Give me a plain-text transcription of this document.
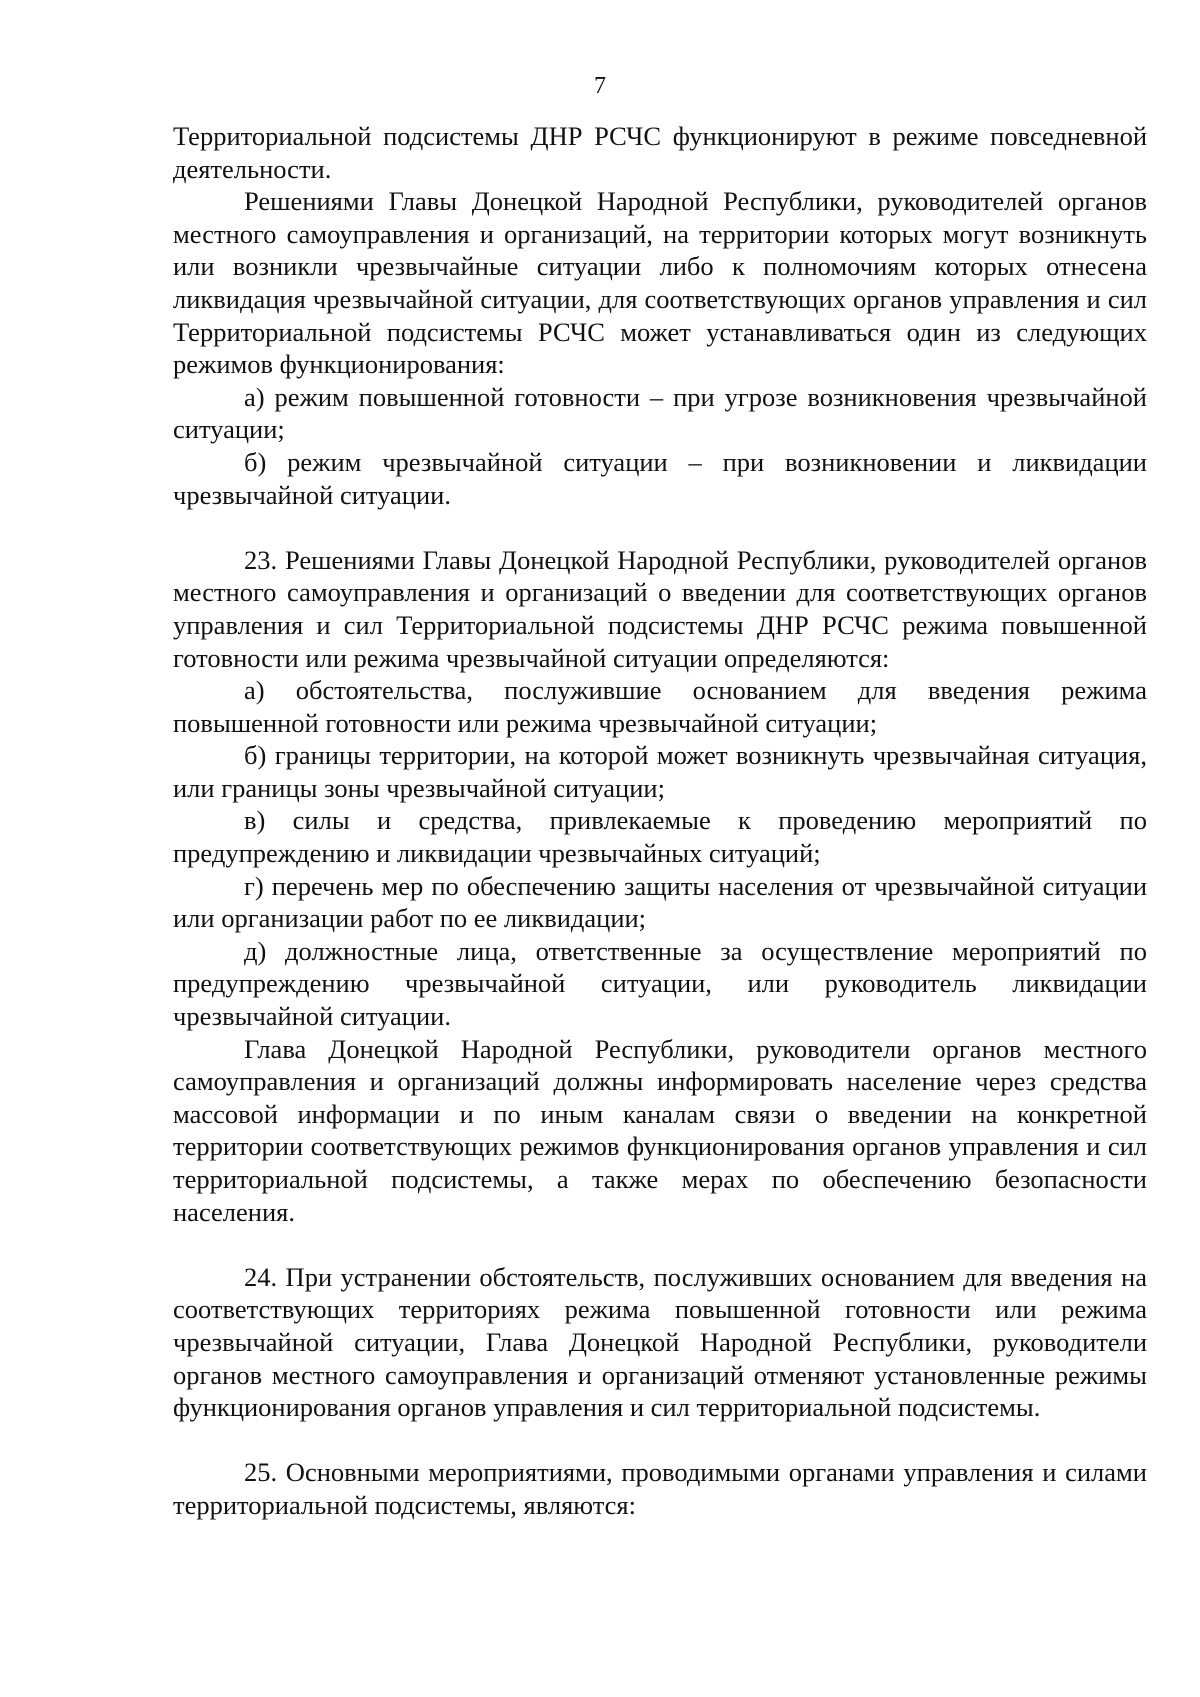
7

Территориальной подсистемы ДНР РСЧС функционируют в режиме повседневной деятельности.

Решениями Главы Донецкой Народной Республики, руководителей органов местного самоуправления и организаций, на территории которых могут возникнуть или возникли чрезвычайные ситуации либо к полномочиям которых отнесена ликвидация чрезвычайной ситуации, для соответствующих органов управления и сил Территориальной подсистемы РСЧС может устанавливаться один из следующих режимов функционирования:

а) режим повышенной готовности – при угрозе возникновения чрезвычайной ситуации;

б) режим чрезвычайной ситуации – при возникновении и ликвидации чрезвычайной ситуации.

23. Решениями Главы Донецкой Народной Республики, руководителей органов местного самоуправления и организаций о введении для соответствующих органов управления и сил Территориальной подсистемы ДНР РСЧС режима повышенной готовности или режима чрезвычайной ситуации определяются:

а) обстоятельства, послужившие основанием для введения режима повышенной готовности или режима чрезвычайной ситуации;

б) границы территории, на которой может возникнуть чрезвычайная ситуация, или границы зоны чрезвычайной ситуации;

в) силы и средства, привлекаемые к проведению мероприятий по предупреждению и ликвидации чрезвычайных ситуаций;

г) перечень мер по обеспечению защиты населения от чрезвычайной ситуации или организации работ по ее ликвидации;

д) должностные лица, ответственные за осуществление мероприятий по предупреждению чрезвычайной ситуации, или руководитель ликвидации чрезвычайной ситуации.

Глава Донецкой Народной Республики, руководители органов местного самоуправления и организаций должны информировать население через средства массовой информации и по иным каналам связи о введении на конкретной территории соответствующих режимов функционирования органов управления и сил территориальной подсистемы, а также мерах по обеспечению безопасности населения.

24. При устранении обстоятельств, послуживших основанием для введения на соответствующих территориях режима повышенной готовности или режима чрезвычайной ситуации, Глава Донецкой Народной Республики, руководители органов местного самоуправления и организаций отменяют установленные режимы функционирования органов управления и сил территориальной подсистемы.

25. Основными мероприятиями, проводимыми органами управления и силами территориальной подсистемы, являются:
